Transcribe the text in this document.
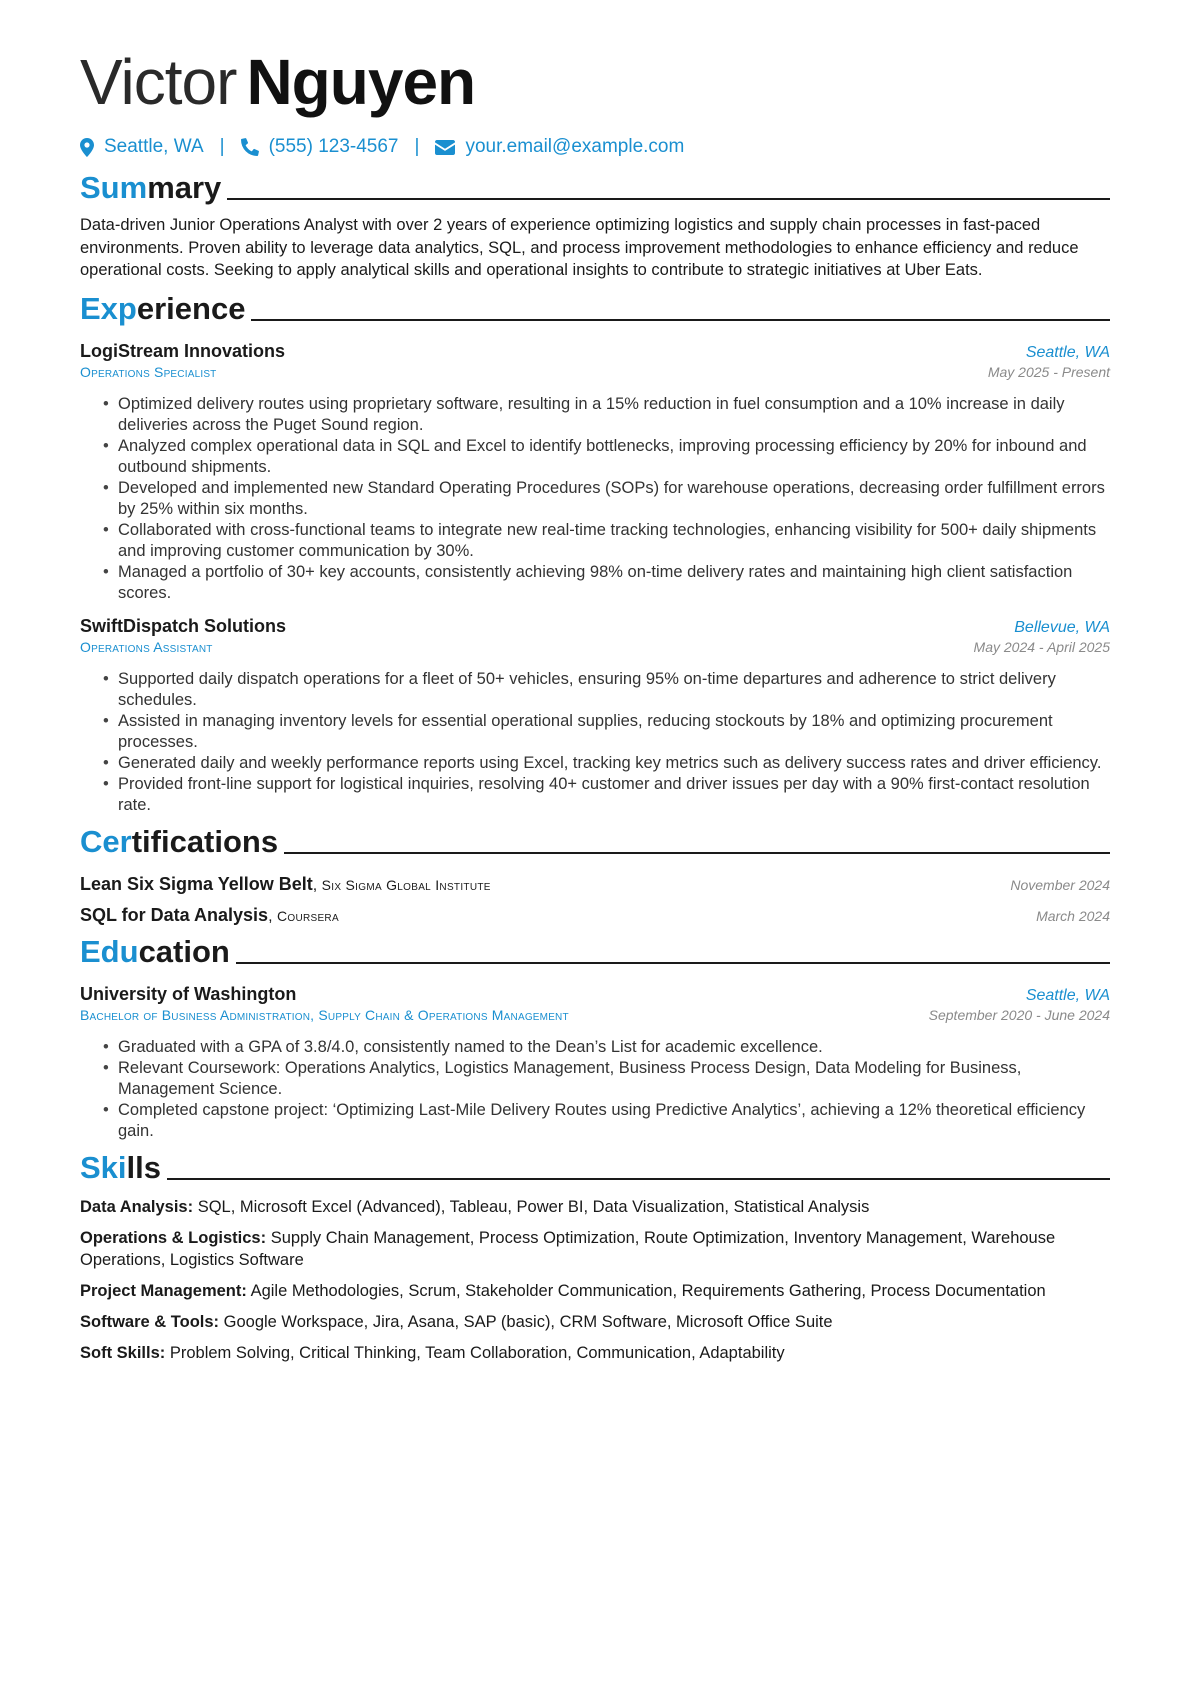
Victor Nguyen
Seattle, WA | (555) 123-4567 | your.email@example.com
Summary

Data-driven Junior Operations Analyst with over 2 years of experience optimizing logistics and supply chain processes in fast-paced environments. Proven ability to leverage data analytics, SQL, and process improvement methodologies to enhance efficiency and reduce operational costs. Seeking to apply analytical skills and operational insights to contribute to strategic initiatives at Uber Eats.

Experience
LogiStream Innovations	Seattle, WA
Operations Specialist	May 2025 - Present
• Optimized delivery routes using proprietary software, resulting in a 15% reduction in fuel consumption and a 10% increase in daily deliveries across the Puget Sound region.
• Analyzed complex operational data in SQL and Excel to identify bottlenecks, improving processing efficiency by 20% for inbound and outbound shipments.
• Developed and implemented new Standard Operating Procedures (SOPs) for warehouse operations, decreasing order fulfillment errors by 25% within six months.
• Collaborated with cross-functional teams to integrate new real-time tracking technologies, enhancing visibility for 500+ daily shipments and improving customer communication by 30%.
• Managed a portfolio of 30+ key accounts, consistently achieving 98% on-time delivery rates and maintaining high client satisfaction scores.
SwiftDispatch Solutions	Bellevue, WA
Operations Assistant	May 2024 - April 2025
• Supported daily dispatch operations for a fleet of 50+ vehicles, ensuring 95% on-time departures and adherence to strict delivery schedules.
• Assisted in managing inventory levels for essential operational supplies, reducing stockouts by 18% and optimizing procurement processes.
• Generated daily and weekly performance reports using Excel, tracking key metrics such as delivery success rates and driver efficiency.
• Provided front-line support for logistical inquiries, resolving 40+ customer and driver issues per day with a 90% first-contact resolution rate.
Certifications
Lean Six Sigma Yellow Belt, Six Sigma Global Institute	November 2024
SQL for Data Analysis, Coursera	March 2024
Education
University of Washington	Seattle, WA
Bachelor of Business Administration, Supply Chain & Operations Management	September 2020 - June 2024
• Graduated with a GPA of 3.8/4.0, consistently named to the Dean’s List for academic excellence.
• Relevant Coursework: Operations Analytics, Logistics Management, Business Process Design, Data Modeling for Business, Management Science.
• Completed capstone project: ‘Optimizing Last-Mile Delivery Routes using Predictive Analytics’, achieving a 12% theoretical efficiency gain.
Skills

Data Analysis: SQL, Microsoft Excel (Advanced), Tableau, Power BI, Data Visualization, Statistical Analysis

Operations & Logistics: Supply Chain Management, Process Optimization, Route Optimization, Inventory Management, Warehouse Operations, Logistics Software

Project Management: Agile Methodologies, Scrum, Stakeholder Communication, Requirements Gathering, Process Documentation

Software & Tools: Google Workspace, Jira, Asana, SAP (basic), CRM Software, Microsoft Office Suite

Soft Skills: Problem Solving, Critical Thinking, Team Collaboration, Communication, Adaptability
